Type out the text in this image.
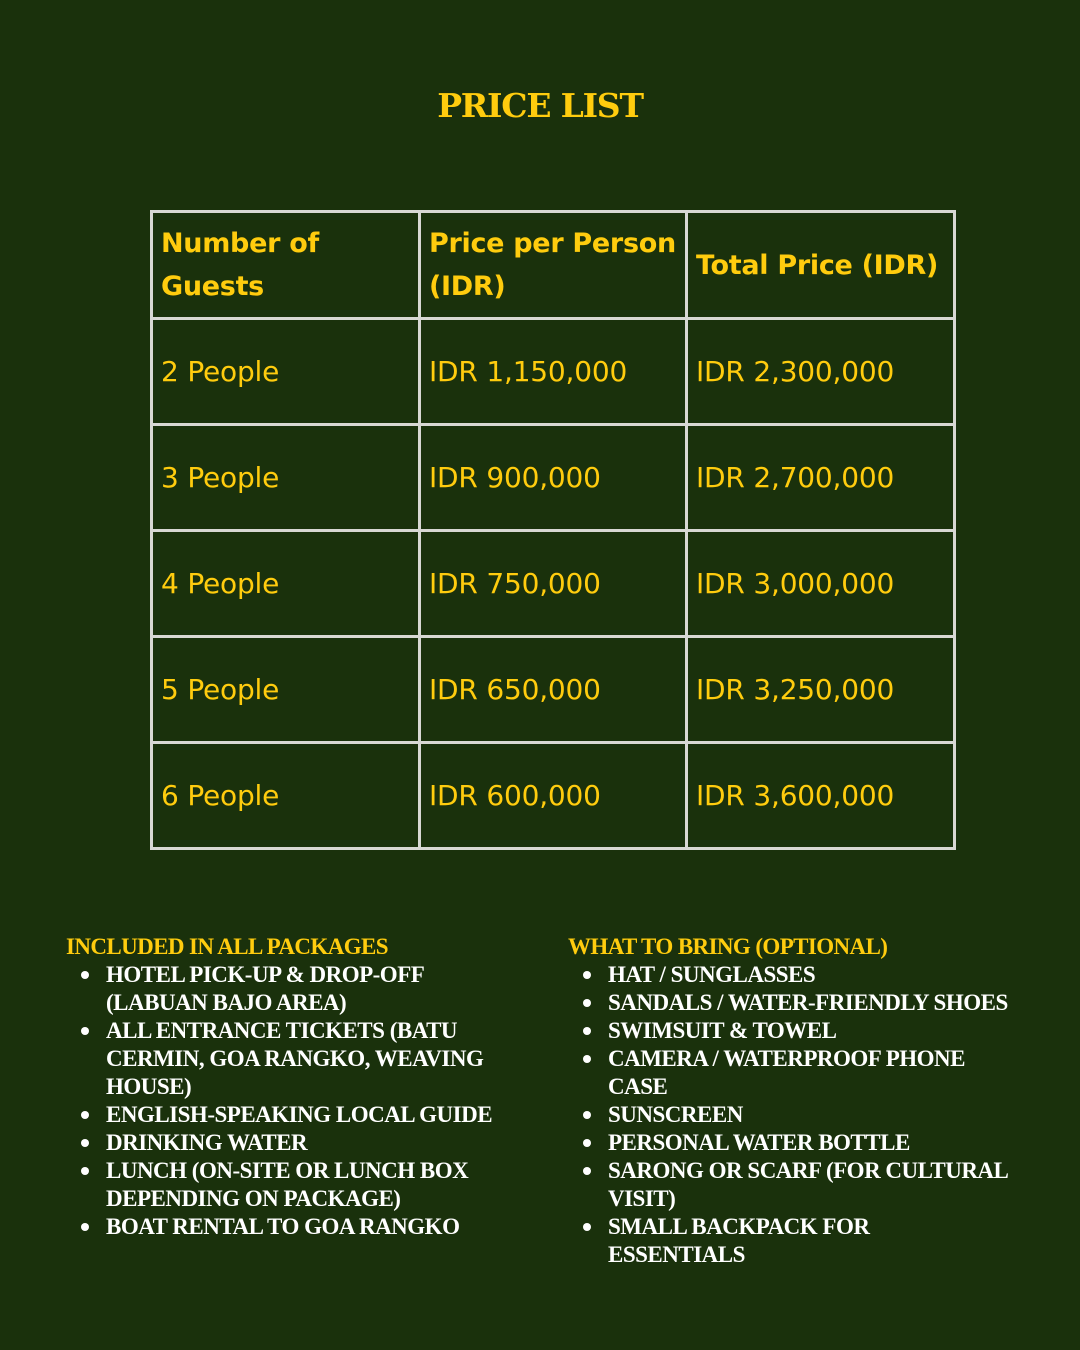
PRICE LIST
Number of Guests	Price per Person (IDR)	Total Price (IDR)
2 People	IDR 1,150,000	IDR 2,300,000
3 People	IDR 900,000	IDR 2,700,000
4 People	IDR 750,000	IDR 3,000,000
5 People	IDR 650,000	IDR 3,250,000
6 People	IDR 600,000	IDR 3,600,000
INCLUDED IN ALL PACKAGES
HOTEL PICK-UP & DROP-OFF (LABUAN BAJO AREA)
ALL ENTRANCE TICKETS (BATU CERMIN, GOA RANGKO, WEAVING HOUSE)
ENGLISH-SPEAKING LOCAL GUIDE
DRINKING WATER
LUNCH (ON-SITE OR LUNCH BOX DEPENDING ON PACKAGE)
BOAT RENTAL TO GOA RANGKO
WHAT TO BRING (OPTIONAL)
HAT / SUNGLASSES
SANDALS / WATER-FRIENDLY SHOES
SWIMSUIT & TOWEL
CAMERA / WATERPROOF PHONE CASE
SUNSCREEN
PERSONAL WATER BOTTLE
SARONG OR SCARF (FOR CULTURAL VISIT)
SMALL BACKPACK FOR ESSENTIALS
